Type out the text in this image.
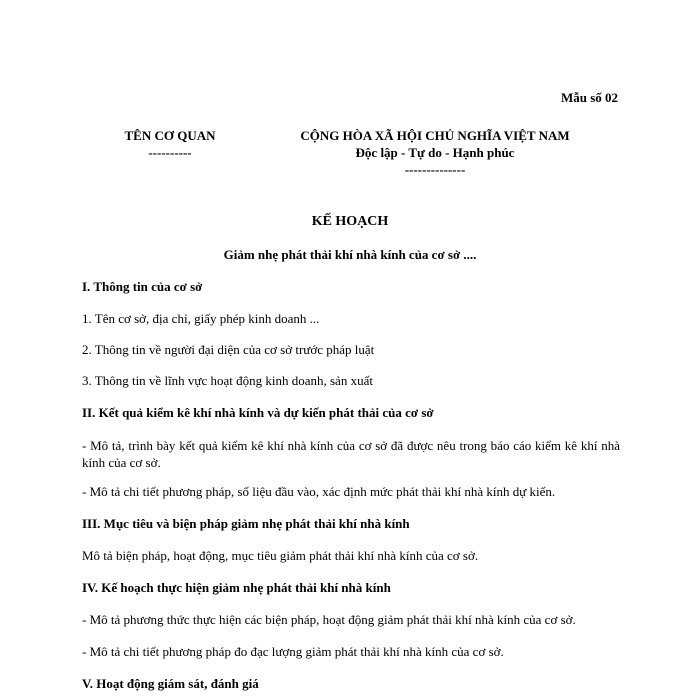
Mẫu số 02
TÊN CƠ QUAN
----------
CỘNG HÒA XÃ HỘI CHỦ NGHĨA VIỆT NAM
Độc lập - Tự do - Hạnh phúc
--------------
KẾ HOẠCH
Giảm nhẹ phát thải khí nhà kính của cơ sở ....
I. Thông tin của cơ sở
1. Tên cơ sở, địa chỉ, giấy phép kinh doanh ...
2. Thông tin về người đại diện của cơ sở trước pháp luật
3. Thông tin về lĩnh vực hoạt động kinh doanh, sản xuất
II. Kết quả kiểm kê khí nhà kính và dự kiến phát thải của cơ sở
- Mô tả, trình bày kết quả kiểm kê khí nhà kính của cơ sở đã được nêu trong báo cáo kiểm kê khí nhà kính của cơ sở.
- Mô tả chi tiết phương pháp, số liệu đầu vào, xác định mức phát thải khí nhà kính dự kiến.
III. Mục tiêu và biện pháp giảm nhẹ phát thải khí nhà kính
Mô tả biện pháp, hoạt động, mục tiêu giảm phát thải khí nhà kính của cơ sở.
IV. Kế hoạch thực hiện giảm nhẹ phát thải khí nhà kính
- Mô tả phương thức thực hiện các biện pháp, hoạt động giảm phát thải khí nhà kính của cơ sở.
- Mô tả chi tiết phương pháp đo đạc lượng giảm phát thải khí nhà kính của cơ sở.
V. Hoạt động giám sát, đánh giá
